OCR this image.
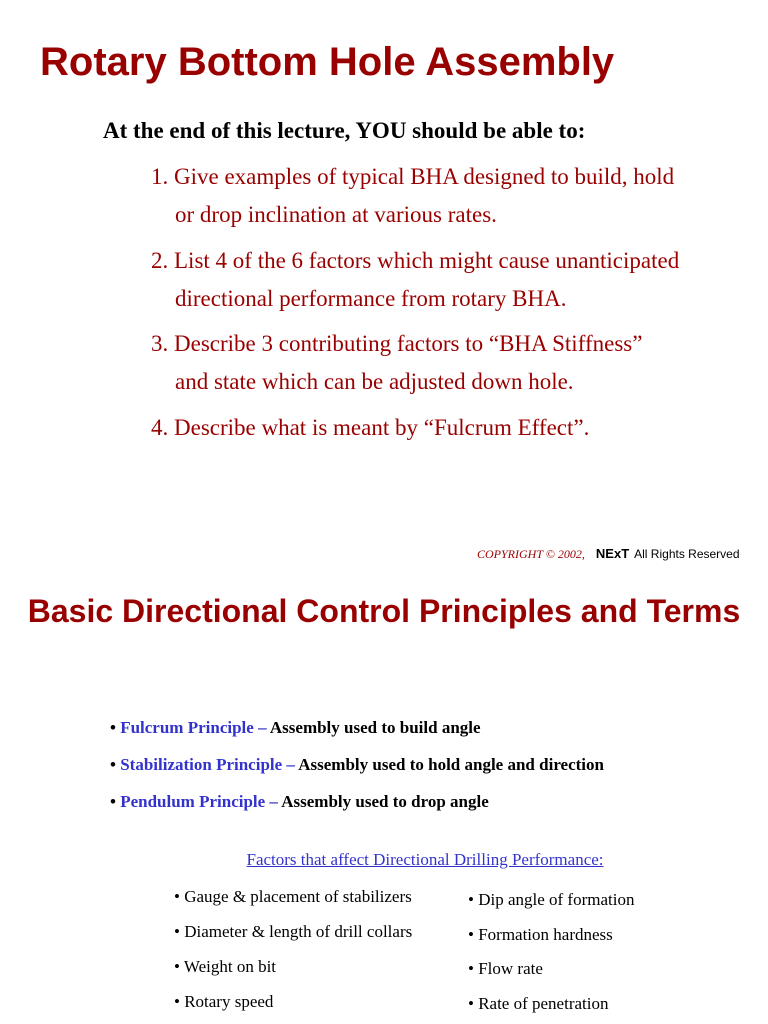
Rotary Bottom Hole Assembly
At the end of this lecture, YOU should be able to:
1. Give examples of typical BHA designed to build, hold
or drop inclination at various rates.
2. List 4 of the 6 factors which might cause unanticipated
directional performance from rotary BHA.
3. Describe 3 contributing factors to “BHA Stiffness”
and state which can be adjusted down hole.
4. Describe what is meant by “Fulcrum Effect”.
COPYRIGHT © 2002, NExT All Rights Reserved
Basic Directional Control Principles and Terms
• Fulcrum Principle – Assembly used to build angle
• Stabilization Principle – Assembly used to hold angle and direction
• Pendulum Principle – Assembly used to drop angle
Factors that affect Directional Drilling Performance:
• Gauge & placement of stabilizers
• Diameter & length of drill collars
• Weight on bit
• Rotary speed
• Dip angle of formation
• Formation hardness
• Flow rate
• Rate of penetration
